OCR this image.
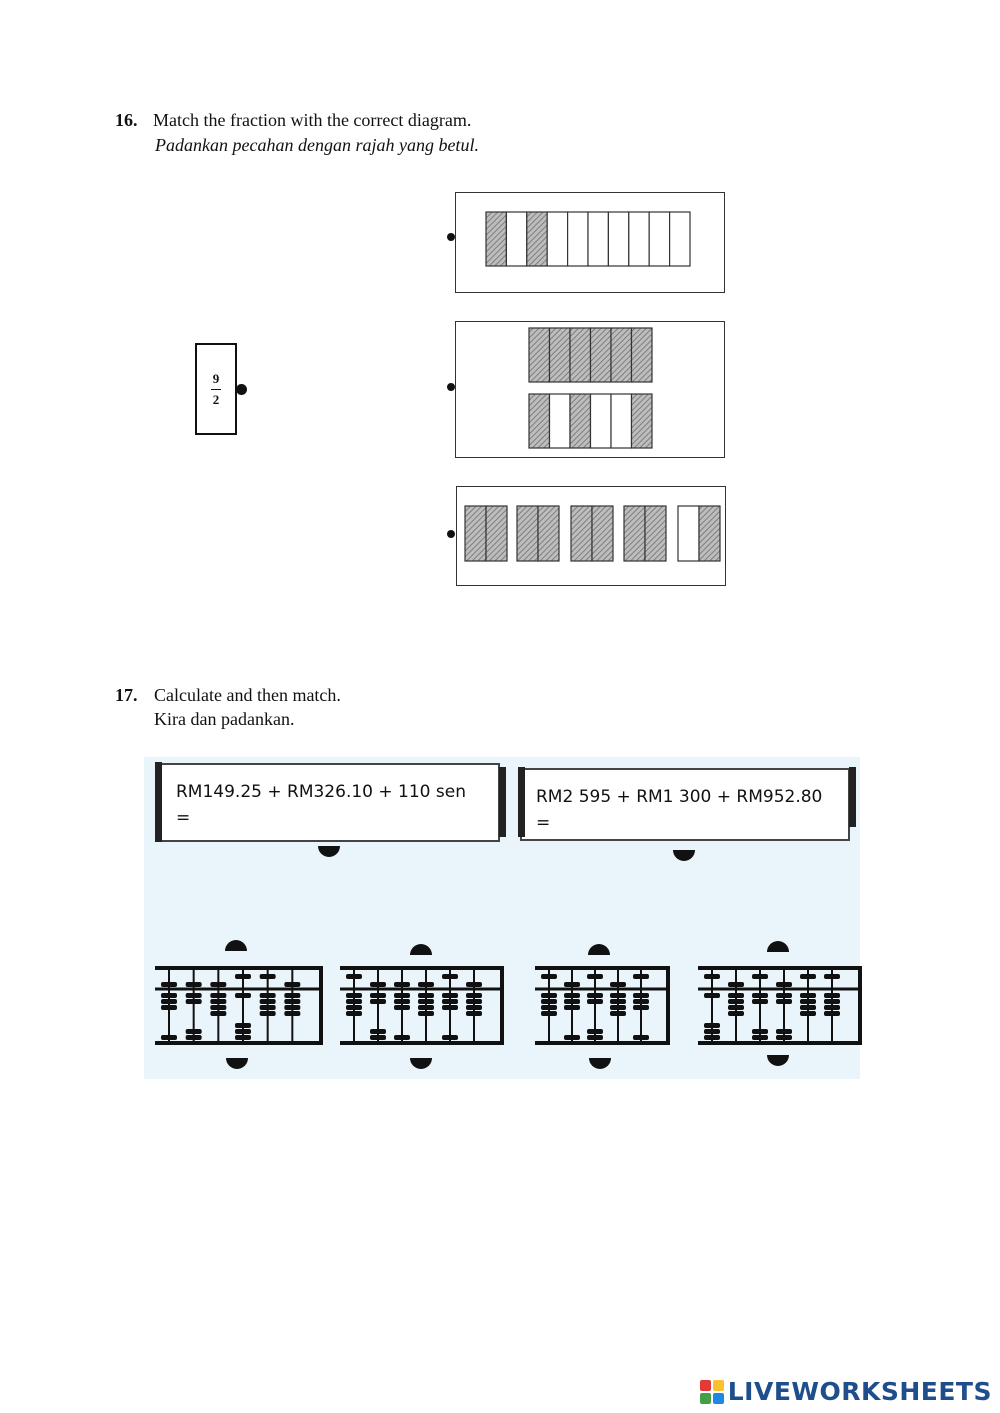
16. Match the fraction with the correct diagram.
Padankan pecahan dengan rajah yang betul.
9
2
17. Calculate and then match.
Kira dan padankan.
RM149.25 + RM326.10 + 110 sen
=
RM2 595 + RM1 300 + RM952.80
=
LIVEWORKSHEETS
